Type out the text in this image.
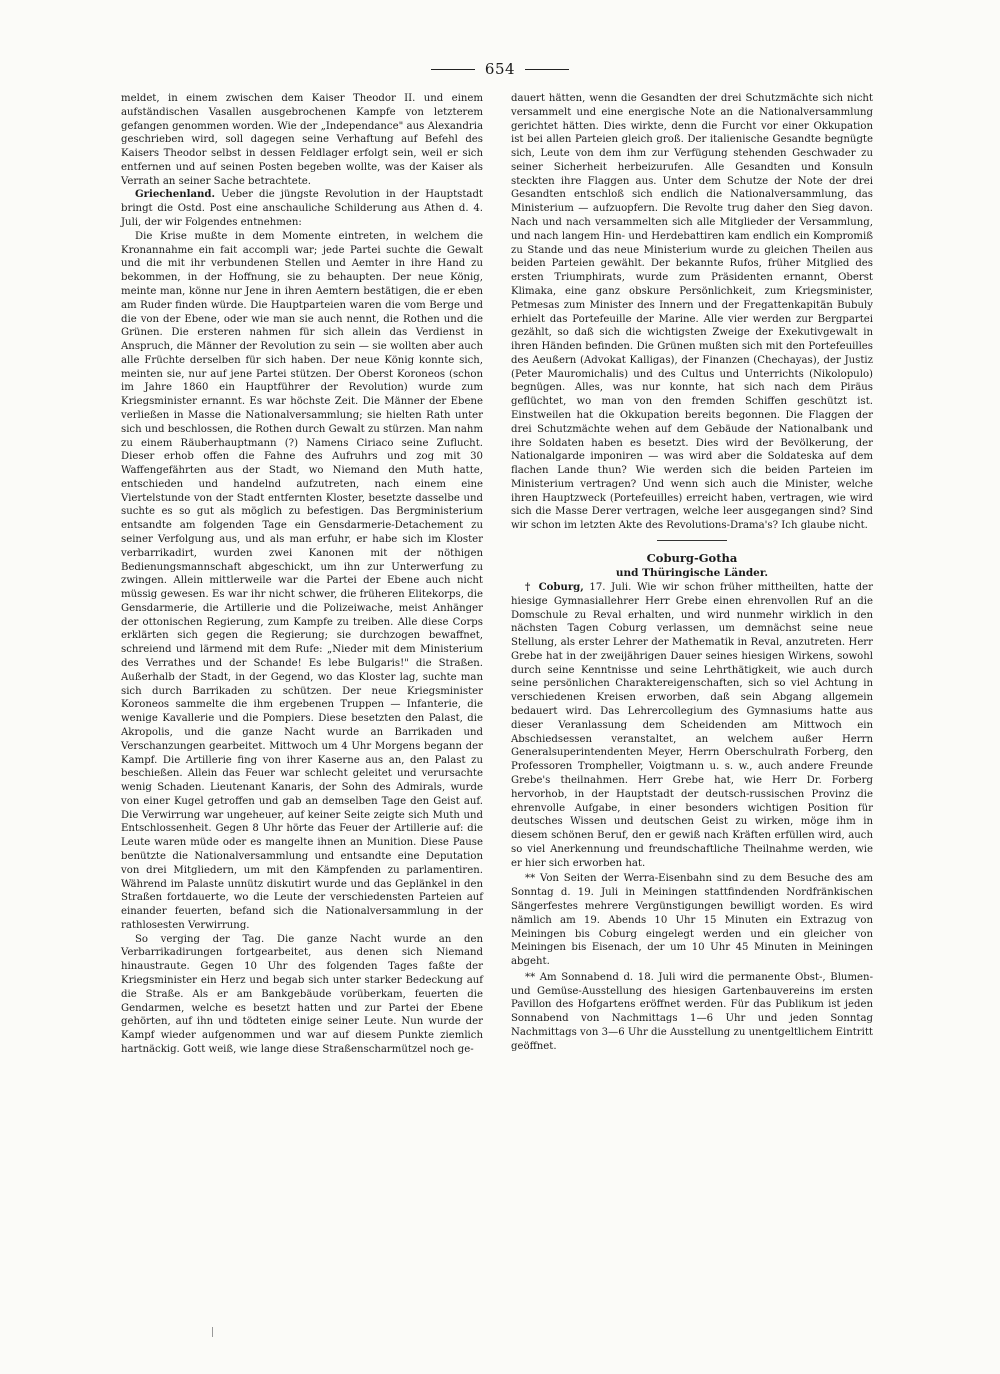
654

meldet, in einem zwischen dem Kaiser Theodor II. und einem aufständischen Vasallen ausgebrochenen Kampfe von letzterem gefangen genommen worden. Wie der „Independance" aus Alexandria geschrieben wird, soll dagegen seine Verhaftung auf Befehl des Kaisers Theodor selbst in dessen Feldlager erfolgt sein, weil er sich entfernen und auf seinen Posten begeben wollte, was der Kaiser als Verrath an seiner Sache betrachtete.

Griechenland. Ueber die jüngste Revolution in der Hauptstadt bringt die Ostd. Post eine anschauliche Schilderung aus Athen d. 4. Juli, der wir Folgendes entnehmen:

Die Krise mußte in dem Momente eintreten, in welchem die Kronannahme ein fait accompli war; jede Partei suchte die Gewalt und die mit ihr verbundenen Stellen und Aemter in ihre Hand zu bekommen, in der Hoffnung, sie zu behaupten. Der neue König, meinte man, könne nur Jene in ihren Aemtern bestätigen, die er eben am Ruder finden würde. Die Hauptparteien waren die vom Berge und die von der Ebene, oder wie man sie auch nennt, die Rothen und die Grünen. Die ersteren nahmen für sich allein das Verdienst in Anspruch, die Männer der Revolution zu sein — sie wollten aber auch alle Früchte derselben für sich haben. Der neue König konnte sich, meinten sie, nur auf jene Partei stützen. Der Oberst Koroneos (schon im Jahre 1860 ein Hauptführer der Revolution) wurde zum Kriegsminister ernannt. Es war höchste Zeit. Die Männer der Ebene verließen in Masse die Nationalversammlung; sie hielten Rath unter sich und beschlossen, die Rothen durch Gewalt zu stürzen. Man nahm zu einem Räuberhauptmann (?) Namens Ciriaco seine Zuflucht. Dieser erhob offen die Fahne des Aufruhrs und zog mit 30 Waffengefährten aus der Stadt, wo Niemand den Muth hatte, entschieden und handelnd aufzutreten, nach einem eine Viertelstunde von der Stadt entfernten Kloster, besetzte dasselbe und suchte es so gut als möglich zu befestigen. Das Bergministerium entsandte am folgenden Tage ein Gensdarmerie-Detachement zu seiner Verfolgung aus, und als man erfuhr, er habe sich im Kloster verbarrikadirt, wurden zwei Kanonen mit der nöthigen Bedienungsmannschaft abgeschickt, um ihn zur Unterwerfung zu zwingen. Allein mittlerweile war die Partei der Ebene auch nicht müssig gewesen. Es war ihr nicht schwer, die früheren Elitekorps, die Gensdarmerie, die Artillerie und die Polizeiwache, meist Anhänger der ottonischen Regierung, zum Kampfe zu treiben. Alle diese Corps erklärten sich gegen die Regierung; sie durchzogen bewaffnet, schreiend und lärmend mit dem Rufe: „Nieder mit dem Ministerium des Verrathes und der Schande! Es lebe Bulgaris!" die Straßen. Außerhalb der Stadt, in der Gegend, wo das Kloster lag, suchte man sich durch Barrikaden zu schützen. Der neue Kriegsminister Koroneos sammelte die ihm ergebenen Truppen — Infanterie, die wenige Kavallerie und die Pompiers. Diese besetzten den Palast, die Akropolis, und die ganze Nacht wurde an Barrikaden und Verschanzungen gearbeitet. Mittwoch um 4 Uhr Morgens begann der Kampf. Die Artillerie fing von ihrer Kaserne aus an, den Palast zu beschießen. Allein das Feuer war schlecht geleitet und verursachte wenig Schaden. Lieutenant Kanaris, der Sohn des Admirals, wurde von einer Kugel getroffen und gab an demselben Tage den Geist auf. Die Verwirrung war ungeheuer, auf keiner Seite zeigte sich Muth und Entschlossenheit. Gegen 8 Uhr hörte das Feuer der Artillerie auf: die Leute waren müde oder es mangelte ihnen an Munition. Diese Pause benützte die Nationalversammlung und entsandte eine Deputation von drei Mitgliedern, um mit den Kämpfenden zu parlamentiren. Während im Palaste unnütz diskutirt wurde und das Geplänkel in den Straßen fortdauerte, wo die Leute der verschiedensten Parteien auf einander feuerten, befand sich die Nationalversammlung in der rathlosesten Verwirrung.

So verging der Tag. Die ganze Nacht wurde an den Verbarrikadirungen fortgearbeitet, aus denen sich Niemand hinaustraute. Gegen 10 Uhr des folgenden Tages faßte der Kriegsminister ein Herz und begab sich unter starker Bedeckung auf die Straße. Als er am Bankgebäude vorüberkam, feuerten die Gendarmen, welche es besetzt hatten und zur Partei der Ebene gehörten, auf ihn und tödteten einige seiner Leute. Nun wurde der Kampf wieder aufgenommen und war auf diesem Punkte ziemlich hartnäckig. Gott weiß, wie lange diese Straßenscharmützel noch ge-

dauert hätten, wenn die Gesandten der drei Schutzmächte sich nicht versammelt und eine energische Note an die Nationalversammlung gerichtet hätten. Dies wirkte, denn die Furcht vor einer Okkupation ist bei allen Parteien gleich groß. Der italienische Gesandte begnügte sich, Leute von dem ihm zur Verfügung stehenden Geschwader zu seiner Sicherheit herbeizurufen. Alle Gesandten und Konsuln steckten ihre Flaggen aus. Unter dem Schutze der Note der drei Gesandten entschloß sich endlich die Nationalversammlung, das Ministerium — aufzuopfern. Die Revolte trug daher den Sieg davon. Nach und nach versammelten sich alle Mitglieder der Versammlung, und nach langem Hin- und Herdebattiren kam endlich ein Kompromiß zu Stande und das neue Ministerium wurde zu gleichen Theilen aus beiden Parteien gewählt. Der bekannte Rufos, früher Mitglied des ersten Triumphirats, wurde zum Präsidenten ernannt, Oberst Klimaka, eine ganz obskure Persönlichkeit, zum Kriegsminister, Petmesas zum Minister des Innern und der Fregattenkapitän Bubuly erhielt das Portefeuille der Marine. Alle vier werden zur Bergpartei gezählt, so daß sich die wichtigsten Zweige der Exekutivgewalt in ihren Händen befinden. Die Grünen mußten sich mit den Portefeuilles des Aeußern (Advokat Kalligas), der Finanzen (Chechayas), der Justiz (Peter Mauromichalis) und des Cultus und Unterrichts (Nikolopulo) begnügen. Alles, was nur konnte, hat sich nach dem Piräus geflüchtet, wo man von den fremden Schiffen geschützt ist. Einstweilen hat die Okkupation bereits begonnen. Die Flaggen der drei Schutzmächte wehen auf dem Gebäude der Nationalbank und ihre Soldaten haben es besetzt. Dies wird der Bevölkerung, der Nationalgarde imponiren — was wird aber die Soldateska auf dem flachen Lande thun? Wie werden sich die beiden Parteien im Ministerium vertragen? Und wenn sich auch die Minister, welche ihren Hauptzweck (Portefeuilles) erreicht haben, vertragen, wie wird sich die Masse Derer vertragen, welche leer ausgegangen sind? Sind wir schon im letzten Akte des Revolutions-Drama's? Ich glaube nicht.

Coburg-Gotha

und Thüringische Länder.

† Coburg, 17. Juli. Wie wir schon früher mittheilten, hatte der hiesige Gymnasiallehrer Herr Grebe einen ehrenvollen Ruf an die Domschule zu Reval erhalten, und wird nunmehr wirklich in den nächsten Tagen Coburg verlassen, um demnächst seine neue Stellung, als erster Lehrer der Mathematik in Reval, anzutreten. Herr Grebe hat in der zweijährigen Dauer seines hiesigen Wirkens, sowohl durch seine Kenntnisse und seine Lehrthätigkeit, wie auch durch seine persönlichen Charaktereigenschaften, sich so viel Achtung in verschiedenen Kreisen erworben, daß sein Abgang allgemein bedauert wird. Das Lehrercollegium des Gymnasiums hatte aus dieser Veranlassung dem Scheidenden am Mittwoch ein Abschiedsessen veranstaltet, an welchem außer Herrn Generalsuperintendenten Meyer, Herrn Oberschulrath Forberg, den Professoren Trompheller, Voigtmann u. s. w., auch andere Freunde Grebe's theilnahmen. Herr Grebe hat, wie Herr Dr. Forberg hervorhob, in der Hauptstadt der deutsch-russischen Provinz die ehrenvolle Aufgabe, in einer besonders wichtigen Position für deutsches Wissen und deutschen Geist zu wirken, möge ihm in diesem schönen Beruf, den er gewiß nach Kräften erfüllen wird, auch so viel Anerkennung und freundschaftliche Theilnahme werden, wie er hier sich erworben hat.

** Von Seiten der Werra-Eisenbahn sind zu dem Besuche des am Sonntag d. 19. Juli in Meiningen stattfindenden Nordfränkischen Sängerfestes mehrere Vergünstigungen bewilligt worden. Es wird nämlich am 19. Abends 10 Uhr 15 Minuten ein Extrazug von Meiningen bis Coburg eingelegt werden und ein gleicher von Meiningen bis Eisenach, der um 10 Uhr 45 Minuten in Meiningen abgeht.

** Am Sonnabend d. 18. Juli wird die permanente Obst-, Blumen- und Gemüse-Ausstellung des hiesigen Gartenbauvereins im ersten Pavillon des Hofgartens eröffnet werden. Für das Publikum ist jeden Sonnabend von Nachmittags 1—6 Uhr und jeden Sonntag Nachmittags von 3—6 Uhr die Ausstellung zu unentgeltlichem Eintritt geöffnet.
